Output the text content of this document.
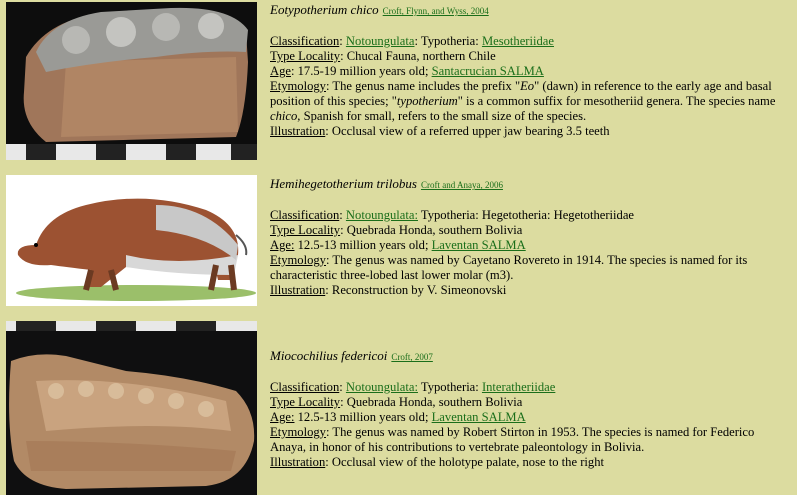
Eotypotherium chico Croft, Flynn, and Wyss, 2004
Classification: Notoungulata: Typotheria: Mesotheriidae
Type Locality: Chucal Fauna, northern Chile
Age: 17.5-19 million years old; Santacrucian SALMA
Etymology: The genus name includes the prefix "Eo" (dawn) in reference to the early age and basal position of this species; "typotherium" is a common suffix for mesotheriid genera. The species name chico, Spanish for small, refers to the small size of the species.
Illustration: Occlusal view of a referred upper jaw bearing 3.5 teeth
Hemihegetotherium trilobus Croft and Anaya, 2006
Classification: Notoungulata: Typotheria: Hegetotheria: Hegetotheriidae
Type Locality: Quebrada Honda, southern Bolivia
Age: 12.5-13 million years old; Laventan SALMA
Etymology: The genus was named by Cayetano Rovereto in 1914. The species is named for its characteristic three-lobed last lower molar (m3).
Illustration: Reconstruction by V. Simeonovski
Miocochilius federicoi Croft, 2007
Classification: Notoungulata: Typotheria: Interatheriidae
Type Locality: Quebrada Honda, southern Bolivia
Age: 12.5-13 million years old; Laventan SALMA
Etymology: The genus was named by Robert Stirton in 1953. The species is named for Federico Anaya, in honor of his contributions to vertebrate paleontology in Bolivia.
Illustration: Occlusal view of the holotype palate, nose to the right
